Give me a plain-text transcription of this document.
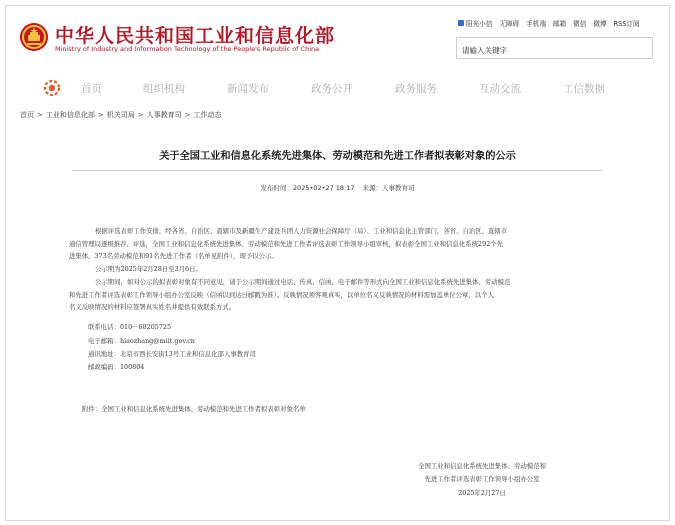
中华人民共和国工业和信息化部
Ministry of Industry and Information Technology of the People's Republic of China
阳光小信 无障碍 手机端 邮箱 微信 微博 RSS订阅
请输入关键字
首页	组织机构	新闻发布	政务公开	政务服务	互动交流	工信数据
首页 > 工业和信息化部 > 机关司局 > 人事教育司 > 工作动态
关于全国工业和信息化系统先进集体、劳动模范和先进工作者拟表彰对象的公示
发布时间：2025•02•27 18:17 来源：人事教育司

根据评选表彰工作安排，经各省、自治区、直辖市及新疆生产建设兵团人力资源社会保障厅（局）、工业和信息化主管部门，各省、自治区、直辖市

通信管理局逐级推荐、评选，全国工业和信息化系统先进集体、劳动模范和先进工作者评选表彰工作领导小组审核，拟表彰全国工业和信息化系统292个先

进集体、373名劳动模范和91名先进工作者（名单见附件），现予以公示。

公示期为2025年2月28日至3月6日。

公示期间，如对公示的拟表彰对象有不同意见，请于公示期间通过电话、传真、信函、电子邮件等形式向全国工业和信息化系统先进集体、劳动模范

和先进工作者评选表彰工作领导小组办公室反映（信函以到达日邮戳为准）。反映情况须客观真实，以单位名义反映情况的材料需加盖单位公章，以个人

名义反映情况的材料应签署真实姓名并提供有效联系方式。

联系电话：010－68205725
电子邮箱：hiaozhang@miit.gov.cn
通讯地址：北京市西长安街13号工业和信息化部人事教育司
邮政编码：100804
附件：全国工业和信息化系统先进集体、劳动模范和先进工作者拟表彰对象名单
全国工业和信息化系统先进集体、劳动模范和
先进工作者评选表彰工作领导小组办公室
2025年2月27日
